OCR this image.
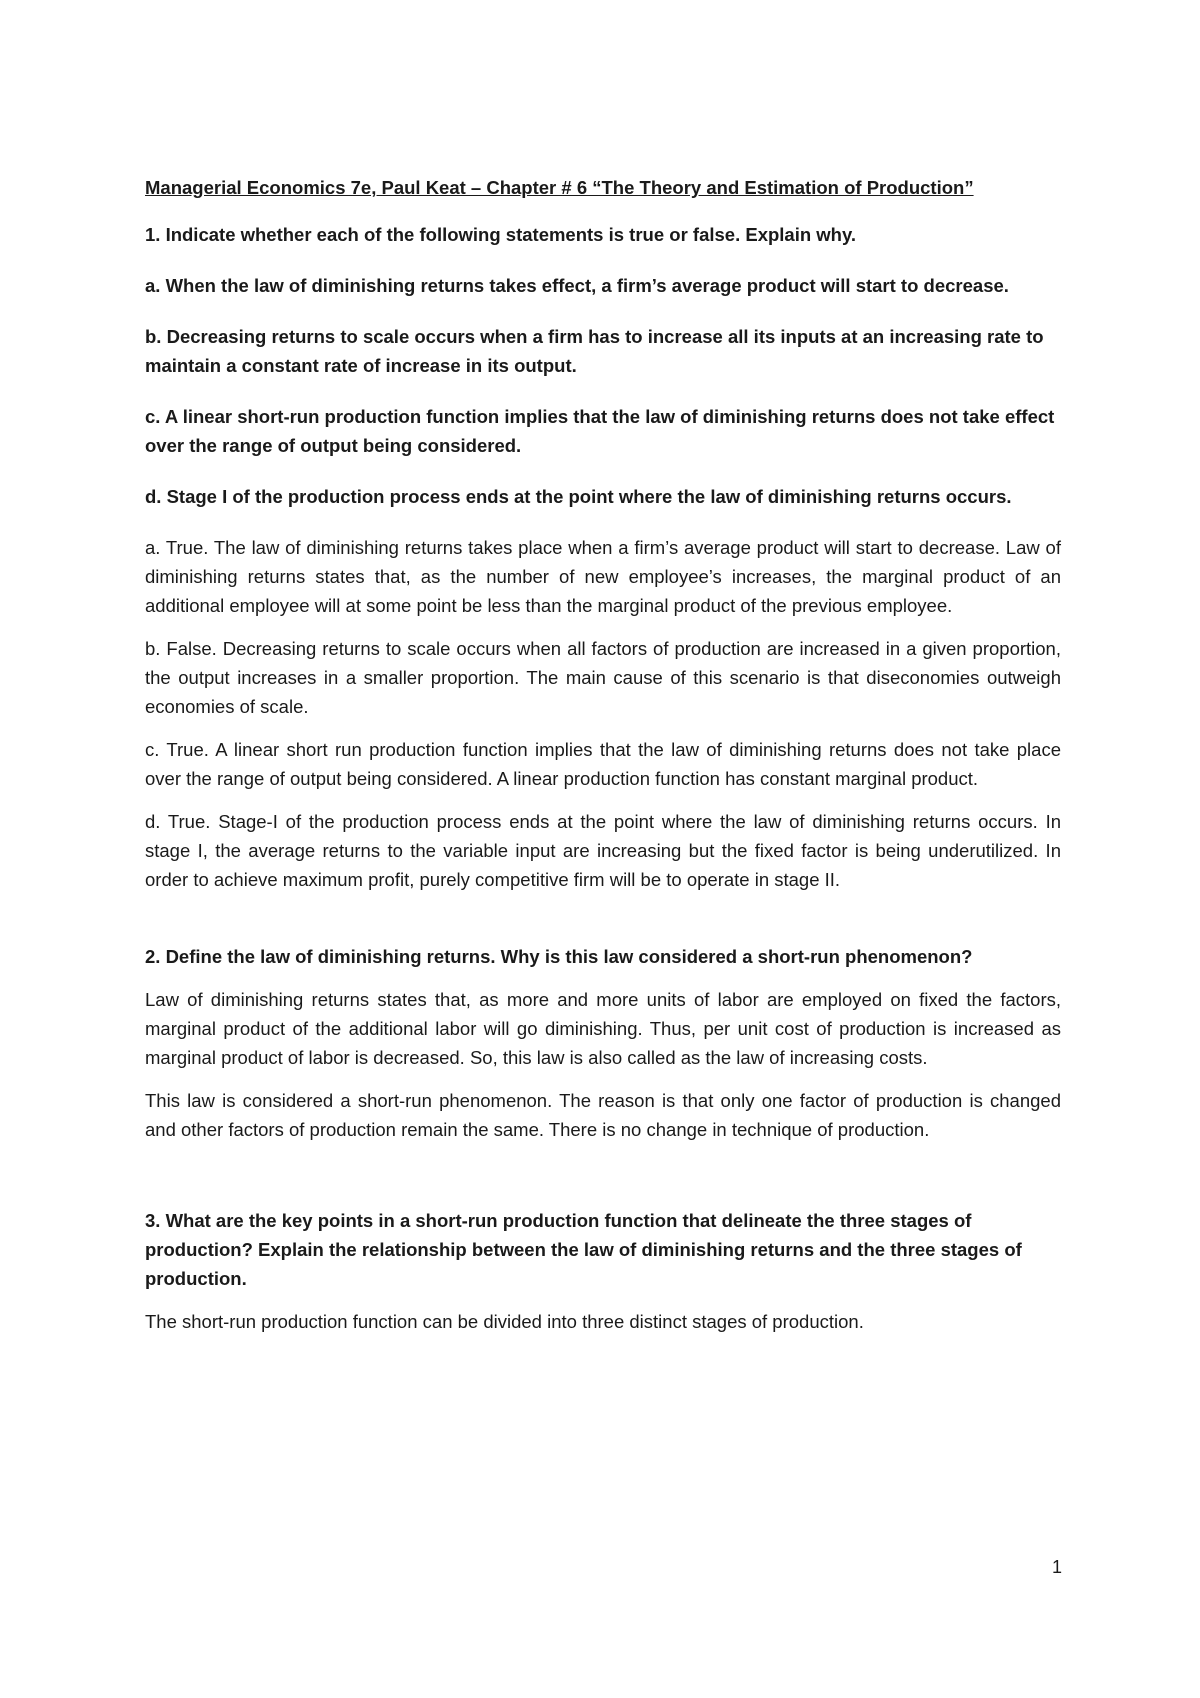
Managerial Economics 7e, Paul Keat – Chapter # 6 “The Theory and Estimation of Production”

1. Indicate whether each of the following statements is true or false. Explain why.

a. When the law of diminishing returns takes effect, a firm’s average product will start to decrease.

b. Decreasing returns to scale occurs when a firm has to increase all its inputs at an increasing rate to maintain a constant rate of increase in its output.

c. A linear short-run production function implies that the law of diminishing returns does not take effect over the range of output being considered.

d. Stage I of the production process ends at the point where the law of diminishing returns occurs.

a. True. The law of diminishing returns takes place when a firm’s average product will start to decrease. Law of diminishing returns states that, as the number of new employee’s increases, the marginal product of an additional employee will at some point be less than the marginal product of the previous employee.

b. False. Decreasing returns to scale occurs when all factors of production are increased in a given proportion, the output increases in a smaller proportion. The main cause of this scenario is that diseconomies outweigh economies of scale.

c. True. A linear short run production function implies that the law of diminishing returns does not take place over the range of output being considered. A linear production function has constant marginal product.

d. True. Stage-I of the production process ends at the point where the law of diminishing returns occurs. In stage I, the average returns to the variable input are increasing but the fixed factor is being underutilized. In order to achieve maximum profit, purely competitive firm will be to operate in stage II.

2. Define the law of diminishing returns. Why is this law considered a short-run phenomenon?

Law of diminishing returns states that, as more and more units of labor are employed on fixed the factors, marginal product of the additional labor will go diminishing. Thus, per unit cost of production is increased as marginal product of labor is decreased. So, this law is also called as the law of increasing costs.

This law is considered a short-run phenomenon. The reason is that only one factor of production is changed and other factors of production remain the same. There is no change in technique of production.

3. What are the key points in a short-run production function that delineate the three stages of production? Explain the relationship between the law of diminishing returns and the three stages of production.

The short-run production function can be divided into three distinct stages of production.

1
